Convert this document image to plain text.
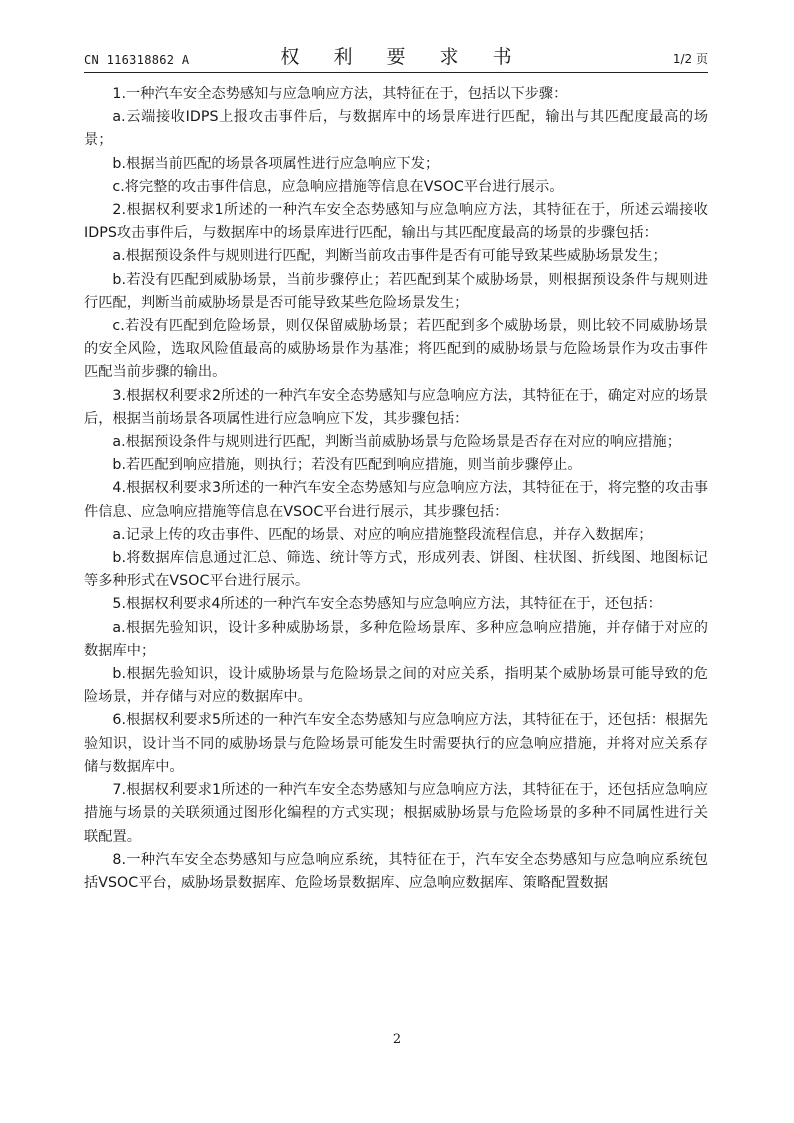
CN 116318862 A	权 利 要 求 书	1/2 页

1.一种汽车安全态势感知与应急响应方法，其特征在于，包括以下步骤：

a.云端接收IDPS上报攻击事件后，与数据库中的场景库进行匹配，输出与其匹配度最高的场景；

b.根据当前匹配的场景各项属性进行应急响应下发；

c.将完整的攻击事件信息，应急响应措施等信息在VSOC平台进行展示。

2.根据权利要求1所述的一种汽车安全态势感知与应急响应方法，其特征在于，所述云端接收IDPS攻击事件后，与数据库中的场景库进行匹配，输出与其匹配度最高的场景的步骤包括：

a.根据预设条件与规则进行匹配，判断当前攻击事件是否有可能导致某些威胁场景发生；

b.若没有匹配到威胁场景，当前步骤停止；若匹配到某个威胁场景，则根据预设条件与规则进行匹配，判断当前威胁场景是否可能导致某些危险场景发生；

c.若没有匹配到危险场景，则仅保留威胁场景；若匹配到多个威胁场景，则比较不同威胁场景的安全风险，选取风险值最高的威胁场景作为基准；将匹配到的威胁场景与危险场景作为攻击事件匹配当前步骤的输出。

3.根据权利要求2所述的一种汽车安全态势感知与应急响应方法，其特征在于，确定对应的场景后，根据当前场景各项属性进行应急响应下发，其步骤包括：

a.根据预设条件与规则进行匹配，判断当前威胁场景与危险场景是否存在对应的响应措施；

b.若匹配到响应措施，则执行；若没有匹配到响应措施，则当前步骤停止。

4.根据权利要求3所述的一种汽车安全态势感知与应急响应方法，其特征在于，将完整的攻击事件信息、应急响应措施等信息在VSOC平台进行展示，其步骤包括：

a.记录上传的攻击事件、匹配的场景、对应的响应措施整段流程信息，并存入数据库；

b.将数据库信息通过汇总、筛选、统计等方式，形成列表、饼图、柱状图、折线图、地图标记等多种形式在VSOC平台进行展示。

5.根据权利要求4所述的一种汽车安全态势感知与应急响应方法，其特征在于，还包括：

a.根据先验知识，设计多种威胁场景，多种危险场景库、多种应急响应措施，并存储于对应的数据库中；

b.根据先验知识，设计威胁场景与危险场景之间的对应关系，指明某个威胁场景可能导致的危险场景，并存储与对应的数据库中。

6.根据权利要求5所述的一种汽车安全态势感知与应急响应方法，其特征在于，还包括：根据先验知识，设计当不同的威胁场景与危险场景可能发生时需要执行的应急响应措施，并将对应关系存储与数据库中。

7.根据权利要求1所述的一种汽车安全态势感知与应急响应方法，其特征在于，还包括应急响应措施与场景的关联须通过图形化编程的方式实现；根据威胁场景与危险场景的多种不同属性进行关联配置。

8.一种汽车安全态势感知与应急响应系统，其特征在于，汽车安全态势感知与应急响应系统包括VSOC平台，威胁场景数据库、危险场景数据库、应急响应数据库、策略配置数据

2
